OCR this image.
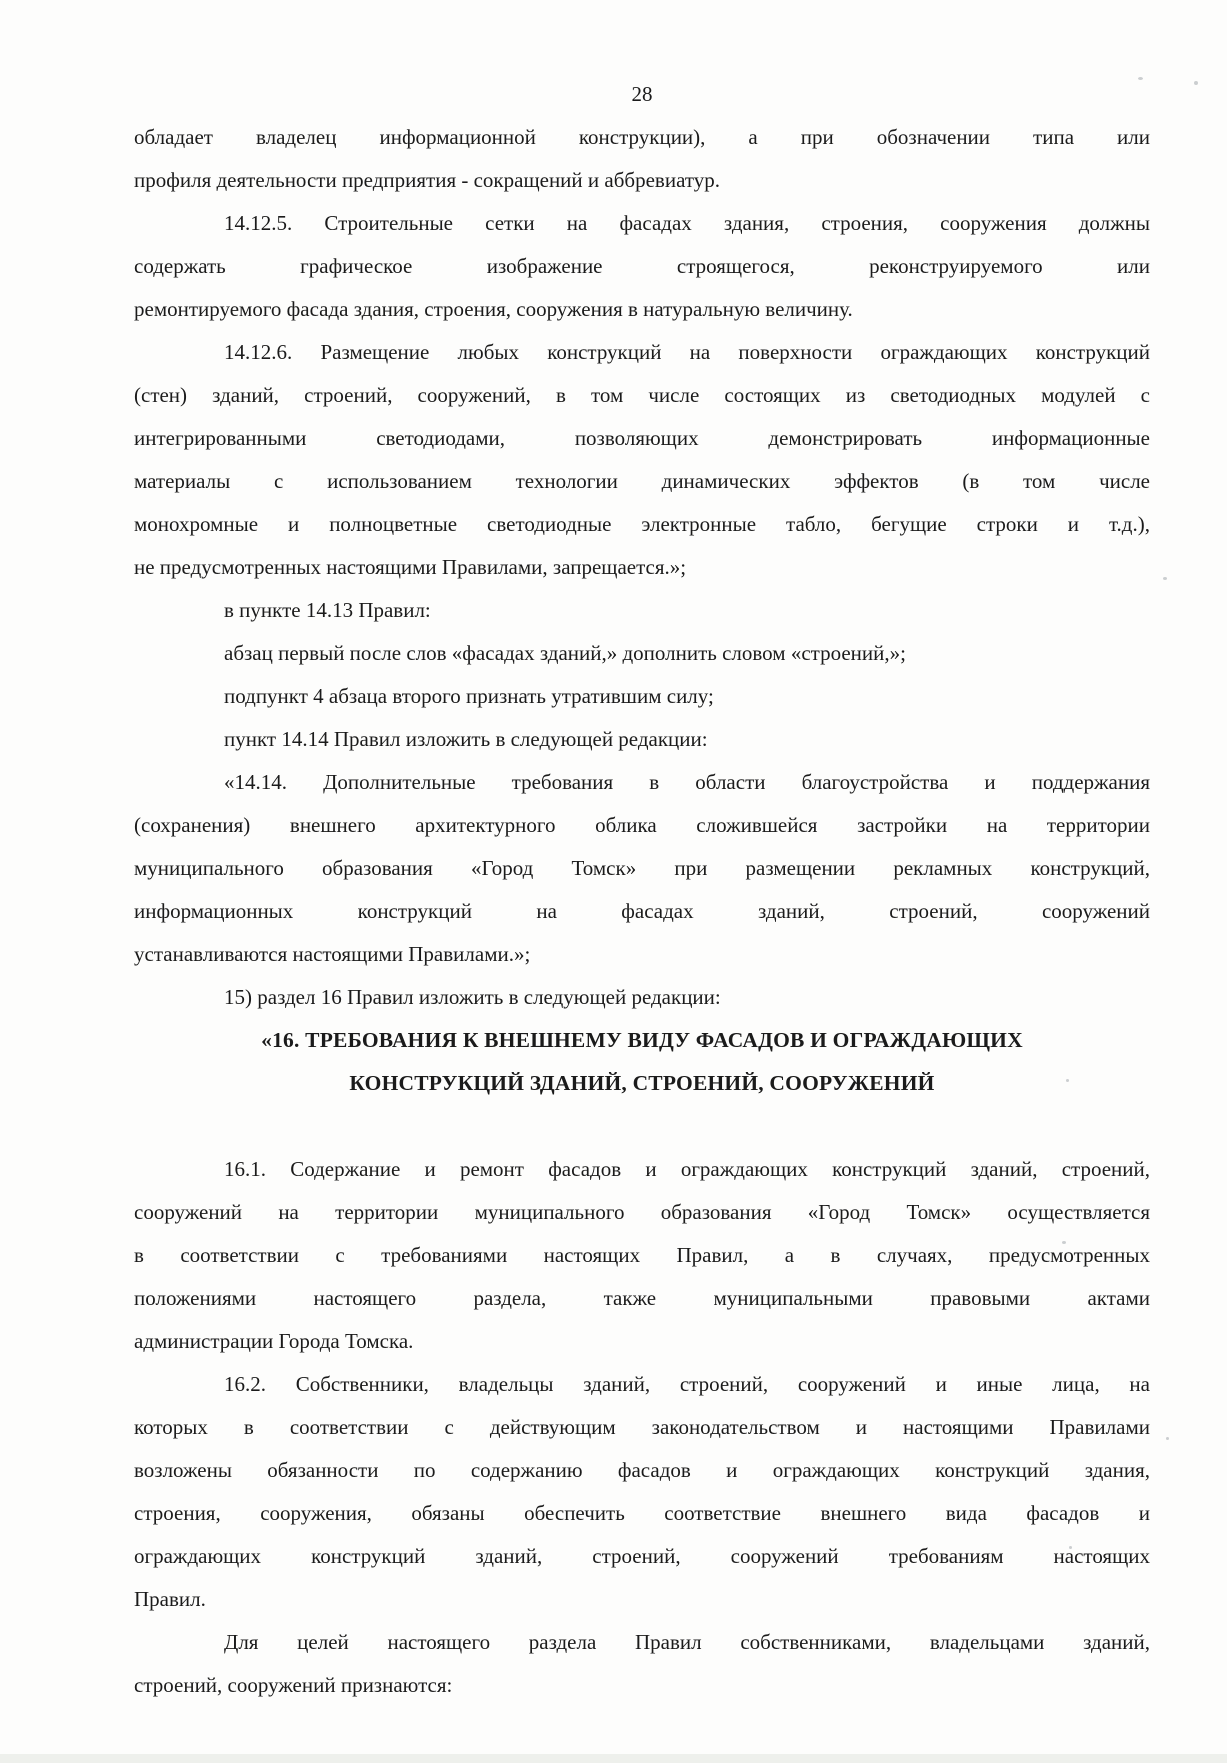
28
обладает владелец информационной конструкции), а при обозначении типа или
профиля деятельности предприятия - сокращений и аббревиатур.
14.12.5. Строительные сетки на фасадах здания, строения, сооружения должны
содержать графическое изображение строящегося, реконструируемого или
ремонтируемого фасада здания, строения, сооружения в натуральную величину.
14.12.6. Размещение любых конструкций на поверхности ограждающих конструкций
(стен) зданий, строений, сооружений, в том числе состоящих из светодиодных модулей с
интегрированными светодиодами, позволяющих демонстрировать информационные
материалы с использованием технологии динамических эффектов (в том числе
монохромные и полноцветные светодиодные электронные табло, бегущие строки и т.д.),
не предусмотренных настоящими Правилами, запрещается.»;
в пункте 14.13 Правил:
абзац первый после слов «фасадах зданий,» дополнить словом «строений,»;
подпункт 4 абзаца второго признать утратившим силу;
пункт 14.14 Правил изложить в следующей редакции:
«14.14. Дополнительные требования в области благоустройства и поддержания
(сохранения) внешнего архитектурного облика сложившейся застройки на территории
муниципального образования «Город Томск» при размещении рекламных конструкций,
информационных конструкций на фасадах зданий, строений, сооружений
устанавливаются настоящими Правилами.»;
15) раздел 16 Правил изложить в следующей редакции:
«16. ТРЕБОВАНИЯ К ВНЕШНЕМУ ВИДУ ФАСАДОВ И ОГРАЖДАЮЩИХ
КОНСТРУКЦИЙ ЗДАНИЙ, СТРОЕНИЙ, СООРУЖЕНИЙ
16.1. Содержание и ремонт фасадов и ограждающих конструкций зданий, строений,
сооружений на территории муниципального образования «Город Томск» осуществляется
в соответствии с требованиями настоящих Правил, а в случаях, предусмотренных
положениями настоящего раздела, также муниципальными правовыми актами
администрации Города Томска.
16.2. Собственники, владельцы зданий, строений, сооружений и иные лица, на
которых в соответствии с действующим законодательством и настоящими Правилами
возложены обязанности по содержанию фасадов и ограждающих конструкций здания,
строения, сооружения, обязаны обеспечить соответствие внешнего вида фасадов и
ограждающих конструкций зданий, строений, сооружений требованиям настоящих
Правил.
Для целей настоящего раздела Правил собственниками, владельцами зданий,
строений, сооружений признаются:
